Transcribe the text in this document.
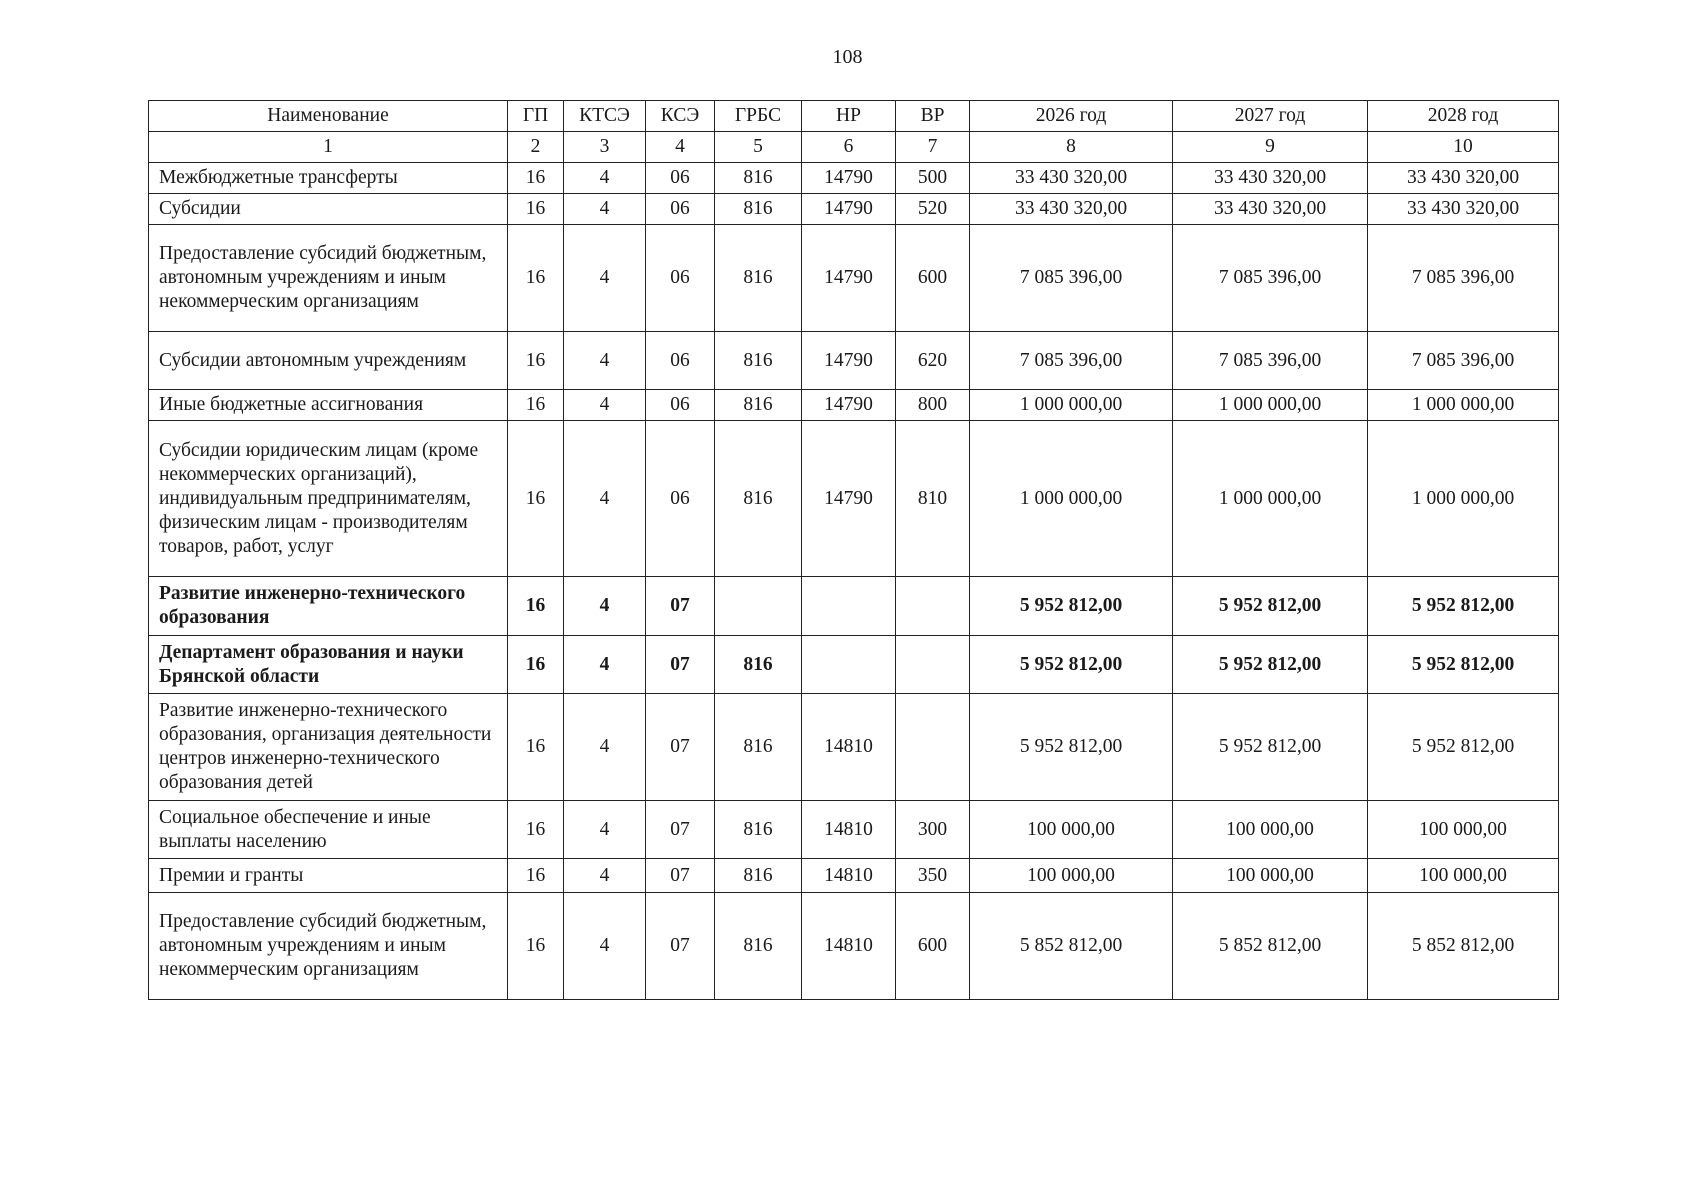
108
Наименование	ГП	КТСЭ	КСЭ	ГРБС	НР	ВР	2026 год	2027 год	2028 год
1	2	3	4	5	6	7	8	9	10
Межбюджетные трансферты	16	4	06	816	14790	500	33 430 320,00	33 430 320,00	33 430 320,00
Субсидии	16	4	06	816	14790	520	33 430 320,00	33 430 320,00	33 430 320,00
Предоставление субсидий бюджетным, автономным учреждениям и иным некоммерческим организациям	16	4	06	816	14790	600	7 085 396,00	7 085 396,00	7 085 396,00
Субсидии автономным учреждениям	16	4	06	816	14790	620	7 085 396,00	7 085 396,00	7 085 396,00
Иные бюджетные ассигнования	16	4	06	816	14790	800	1 000 000,00	1 000 000,00	1 000 000,00
Субсидии юридическим лицам (кроме некоммерческих организаций), индивидуальным предпринимателям, физическим лицам - производителям товаров, работ, услуг	16	4	06	816	14790	810	1 000 000,00	1 000 000,00	1 000 000,00
Развитие инженерно-технического образования	16	4	07				5 952 812,00	5 952 812,00	5 952 812,00
Департамент образования и науки Брянской области	16	4	07	816			5 952 812,00	5 952 812,00	5 952 812,00
Развитие инженерно-технического образования, организация деятельности центров инженерно-технического образования детей	16	4	07	816	14810		5 952 812,00	5 952 812,00	5 952 812,00
Социальное обеспечение и иные выплаты населению	16	4	07	816	14810	300	100 000,00	100 000,00	100 000,00
Премии и гранты	16	4	07	816	14810	350	100 000,00	100 000,00	100 000,00
Предоставление субсидий бюджетным, автономным учреждениям и иным некоммерческим организациям	16	4	07	816	14810	600	5 852 812,00	5 852 812,00	5 852 812,00
